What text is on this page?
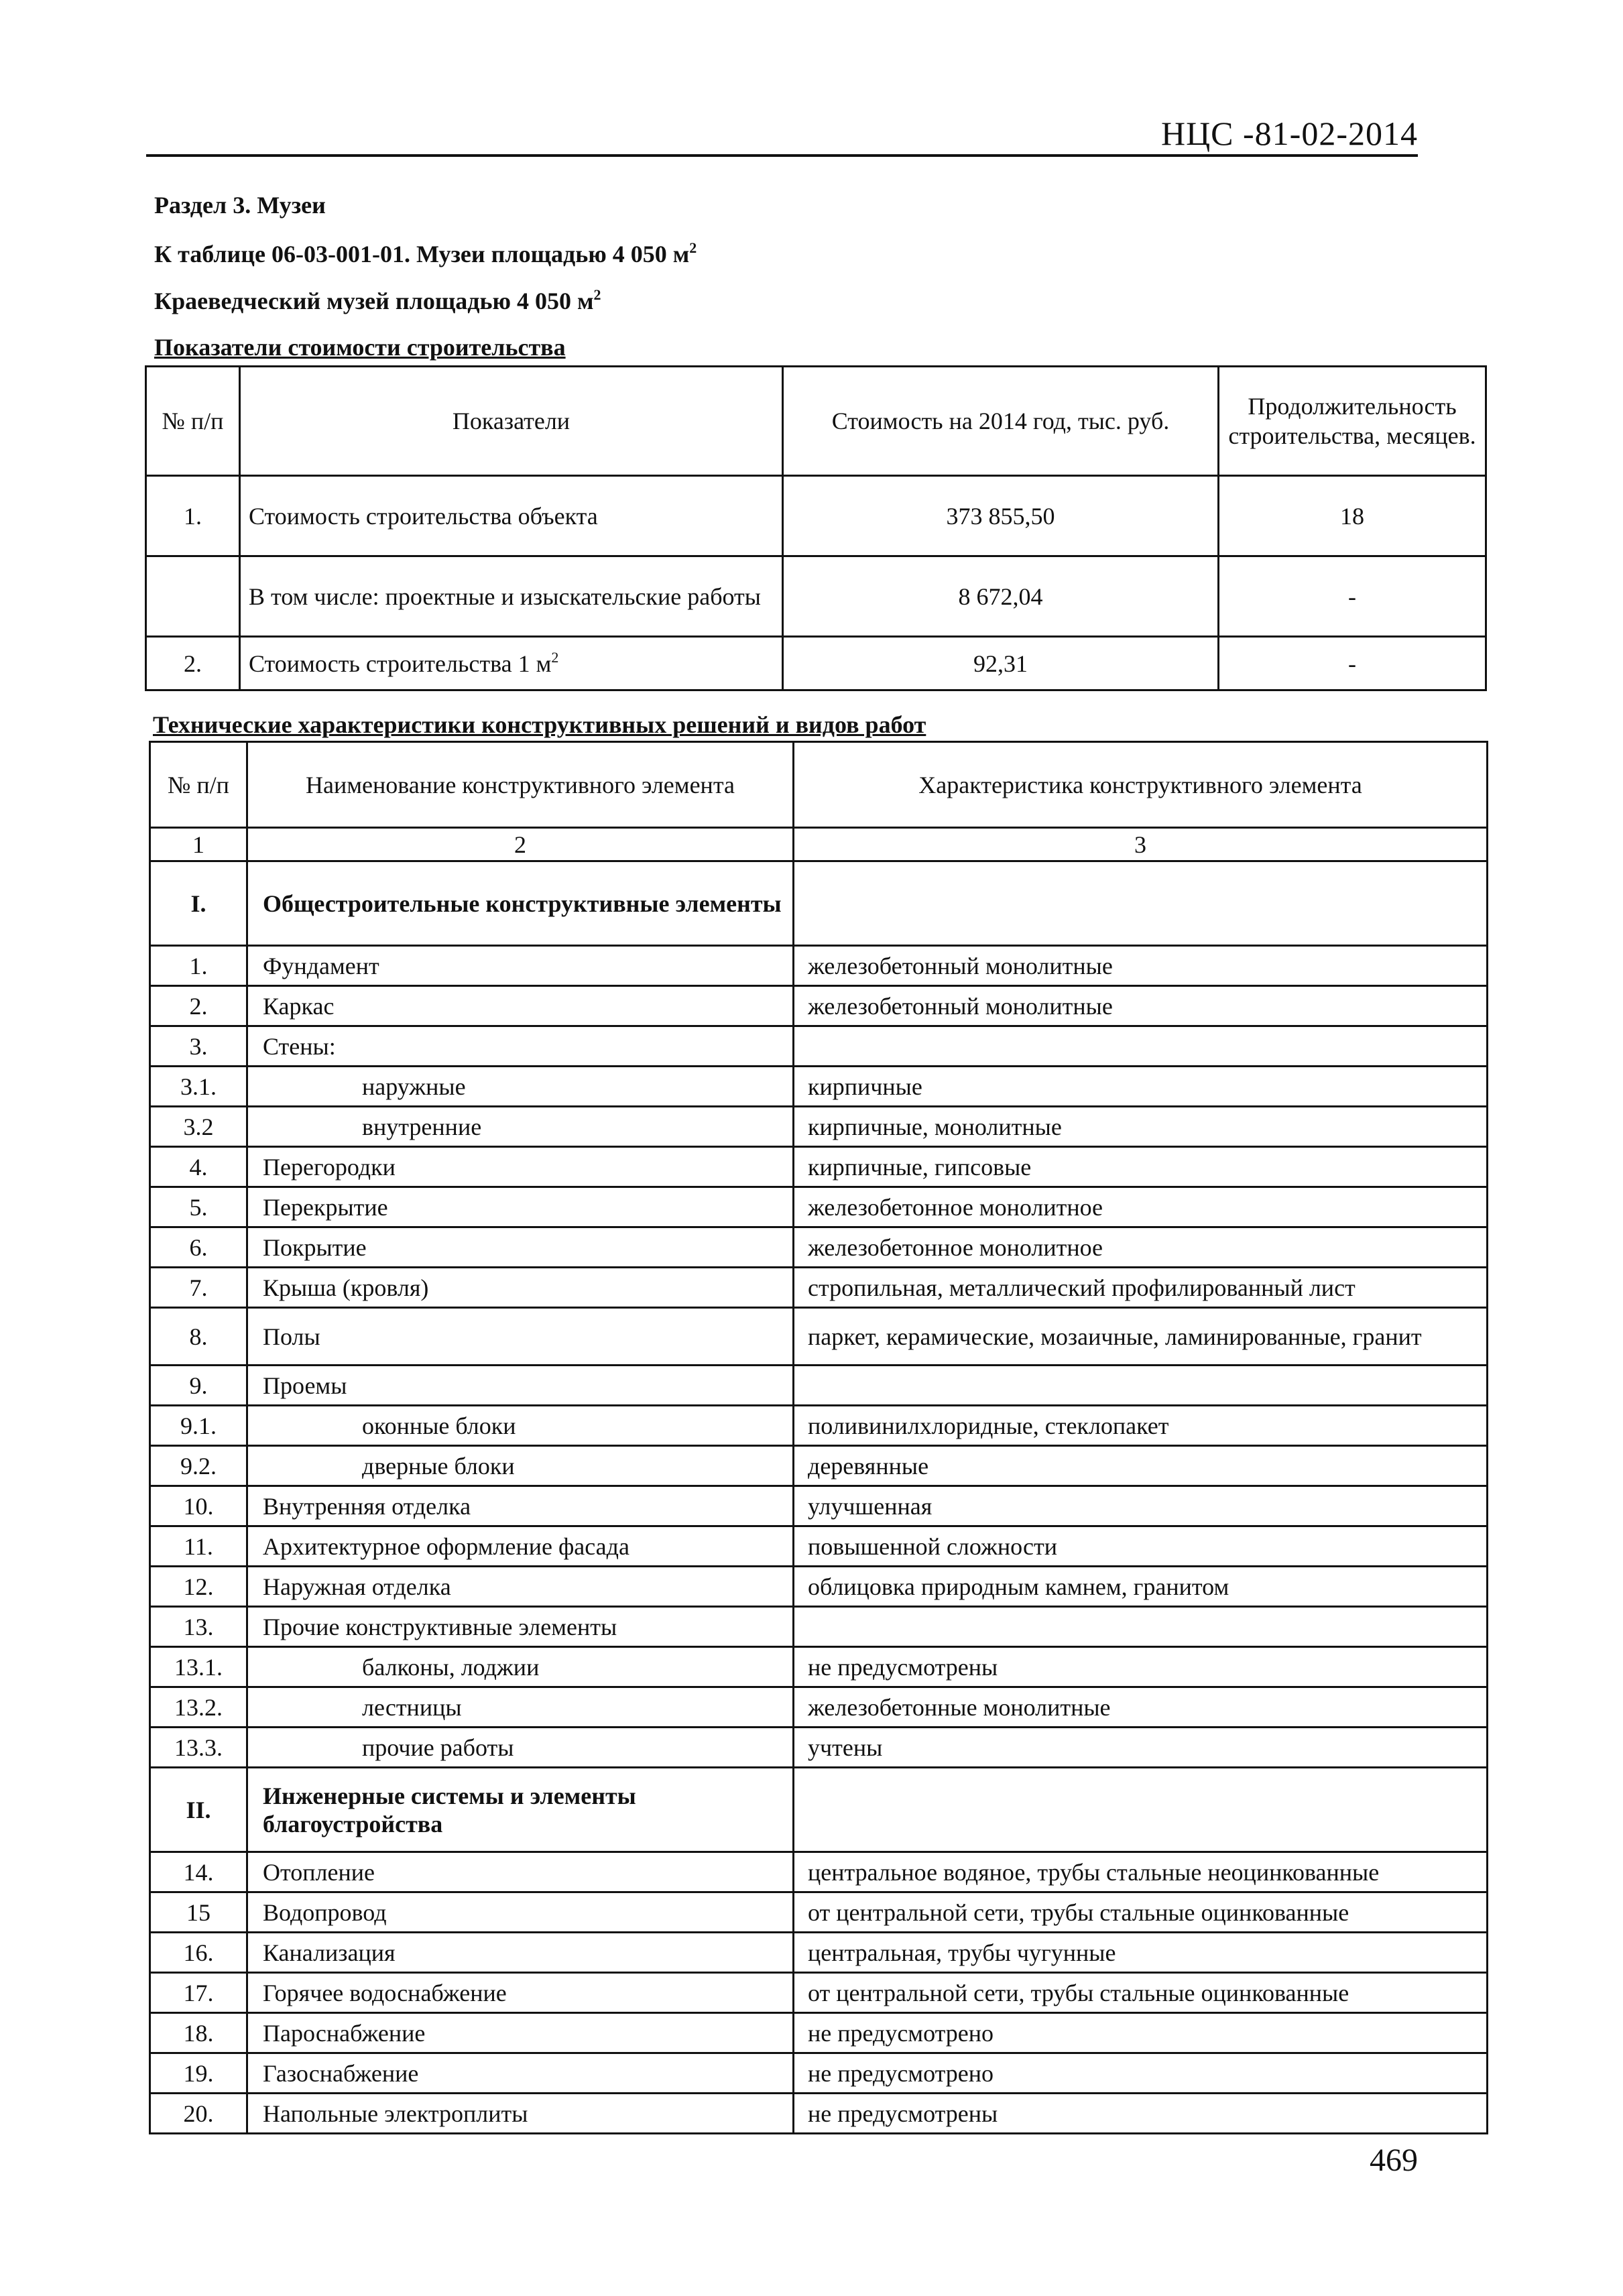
НЦС -81-02-2014
Раздел 3. Музеи
К таблице 06-03-001-01. Музеи площадью 4 050 $м^2$
Краеведческий музей площадью 4 050 $м^2$
Показатели стоимости строительства
№ п/п	Показатели	Стоимость на 2014 год, тыс. руб.	Продолжительность строительства, месяцев.
1.	Стоимость строительства объекта	373 855,50	18
	В том числе: проектные и изыскательские работы	8 672,04	-
2.	Стоимость строительства 1 $м^2$	92,31	-
Технические характеристики конструктивных решений и видов работ
№ п/п	Наименование конструктивного элемента	Характеристика конструктивного элемента
1	2	3
I.	Общестроительные конструктивные элементы	
1.	Фундамент	железобетонный монолитные
2.	Каркас	железобетонный монолитные
3.	Стены:	
3.1.	наружные	кирпичные
3.2	внутренние	кирпичные, монолитные
4.	Перегородки	кирпичные, гипсовые
5.	Перекрытие	железобетонное монолитное
6.	Покрытие	железобетонное монолитное
7.	Крыша (кровля)	стропильная, металлический профилированный лист
8.	Полы	паркет, керамические, мозаичные, ламинированные, гранит
9.	Проемы	
9.1.	оконные блоки	поливинилхлоридные, стеклопакет
9.2.	дверные блоки	деревянные
10.	Внутренняя отделка	улучшенная
11.	Архитектурное оформление фасада	повышенной сложности
12.	Наружная отделка	облицовка природным камнем, гранитом
13.	Прочие конструктивные элементы	
13.1.	балконы, лоджии	не предусмотрены
13.2.	лестницы	железобетонные монолитные
13.3.	прочие работы	учтены
II.	Инженерные системы и элементы благоустройства	
14.	Отопление	центральное водяное, трубы стальные неоцинкованные
15	Водопровод	от центральной сети, трубы стальные оцинкованные
16.	Канализация	центральная, трубы чугунные
17.	Горячее водоснабжение	от центральной сети, трубы стальные оцинкованные
18.	Пароснабжение	не предусмотрено
19.	Газоснабжение	не предусмотрено
20.	Напольные электроплиты	не предусмотрены
469
